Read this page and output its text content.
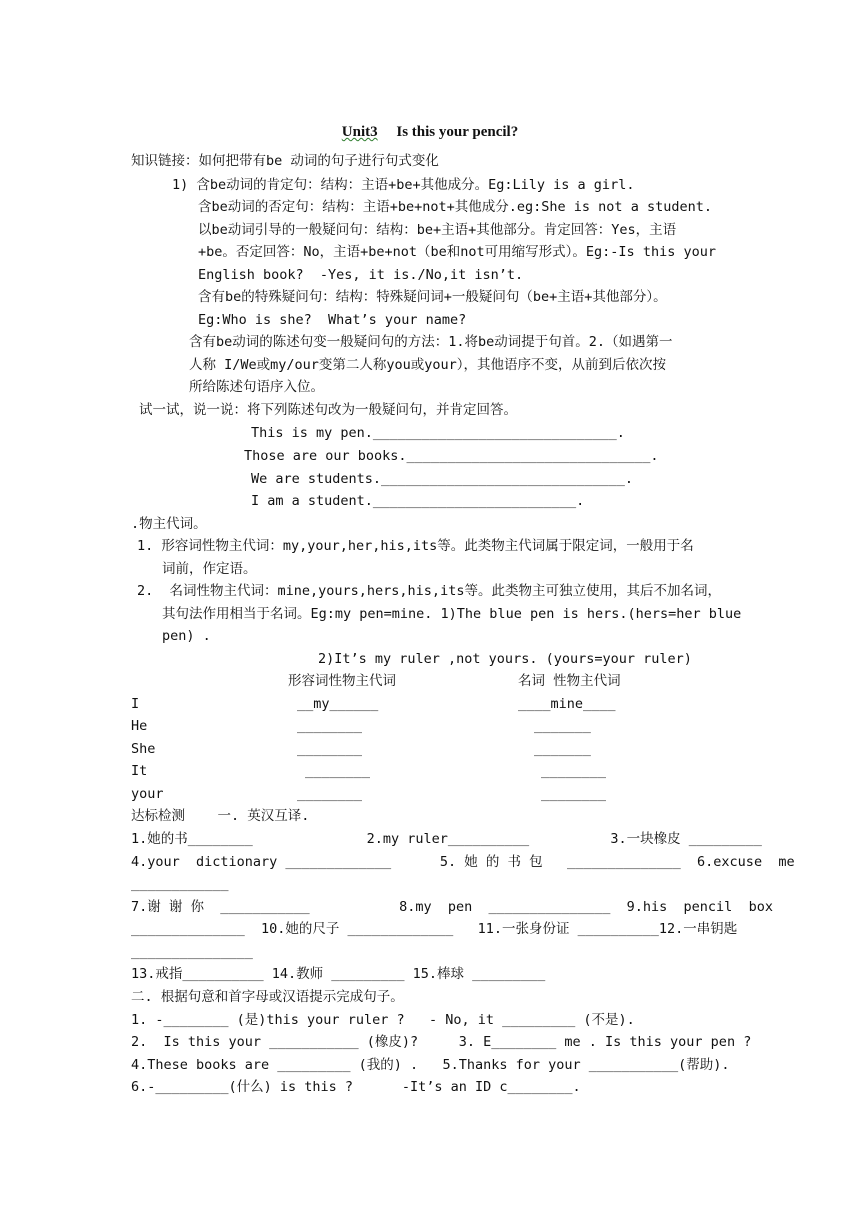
Unit3 Is this your pencil?
知识链接：如何把带有be 动词的句子进行句式变化
1) 含be动词的肯定句：结构：主语+be+其他成分。Eg:Lily is a girl.
含be动词的否定句：结构：主语+be+not+其他成分.eg:She is not a student.
以be动词引导的一般疑问句：结构：be+主语+其他部分。肯定回答：Yes，主语
+be。否定回答：No，主语+be+not（be和not可用缩写形式）。Eg:-Is this your
English book?  -Yes, it is./No,it isn’t.
含有be的特殊疑问句：结构：特殊疑问词+一般疑问句（be+主语+其他部分）。
Eg:Who is she?  What’s your name?
含有be动词的陈述句变一般疑问句的方法：1.将be动词提于句首。2.（如遇第一
人称 I/We或my/our变第二人称you或your），其他语序不变，从前到后依次按
所给陈述句语序入位。
试一试，说一说：将下列陈述句改为一般疑问句，并肯定回答。
This is my pen.______________________________.
Those are our books.______________________________.
We are students.______________________________.
I am a student._________________________.
.物主代词。
1. 形容词性物主代词：my,your,her,his,its等。此类物主代词属于限定词，一般用于名
词前，作定语。
2.  名词性物主代词：mine,yours,hers,his,its等。此类物主可独立使用，其后不加名词，
其句法作用相当于名词。Eg:my pen=mine. 1)The blue pen is hers.(hers=her blue
pen) .
2)It’s my ruler ,not yours. (yours=your ruler)
形容词性物主代词	名词 性物主代词
I	__my______	____mine____
He	________	_______
She	________	_______
It	________	________
your	________	________
达标检测    一. 英汉互译.
1.她的书________              2.my ruler__________          3.一块橡皮 _________
4.your  dictionary _____________      5. 她 的 书 包   ______________  6.excuse  me
____________
7.谢 谢 你  ___________           8.my  pen  _______________  9.his  pencil  box
______________  10.她的尺子 _____________   11.一张身份证 __________12.一串钥匙
_______________
13.戒指__________ 14.教师 _________ 15.棒球 _________
二. 根据句意和首字母或汉语提示完成句子。
1. -________ (是)this your ruler ?   - No, it _________ (不是).
2.  Is this your ___________ (橡皮)?     3. E________ me . Is this your pen ?
4.These books are _________ (我的) .   5.Thanks for your ___________(帮助).
6.-_________(什么) is this ?      -It’s an ID c________.
